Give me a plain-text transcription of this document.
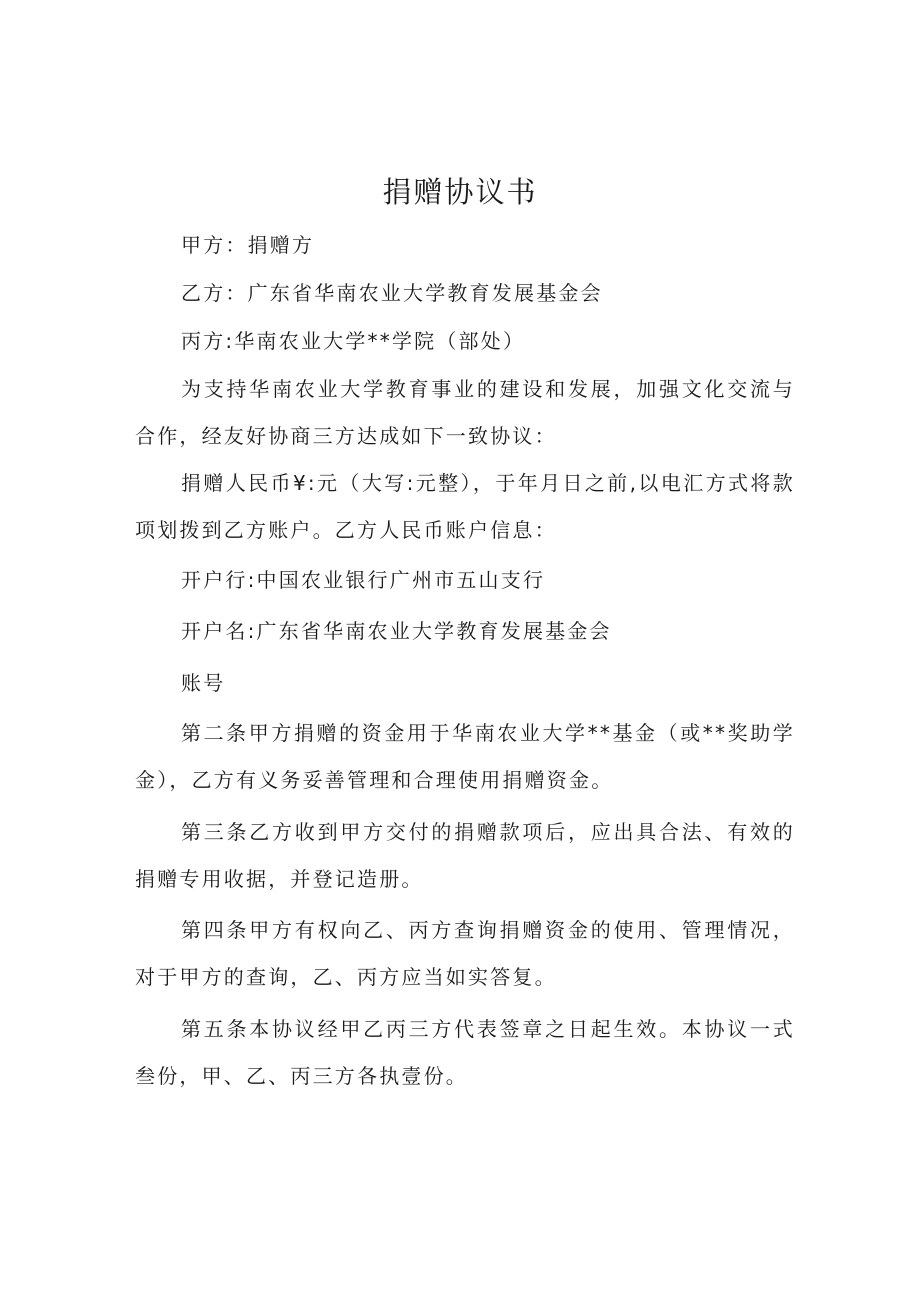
捐赠协议书

甲方：捐赠方

乙方：广东省华南农业大学教育发展基金会

丙方:华南农业大学**学院（部处）

为支持华南农业大学教育事业的建设和发展，加强文化交流与合作，经友好协商三方达成如下一致协议：

捐赠人民币¥:元（大写:元整），于年月日之前,以电汇方式将款项划拨到乙方账户。乙方人民币账户信息：

开户行:中国农业银行广州市五山支行

开户名:广东省华南农业大学教育发展基金会

账号

第二条甲方捐赠的资金用于华南农业大学**基金（或**奖助学金），乙方有义务妥善管理和合理使用捐赠资金。

第三条乙方收到甲方交付的捐赠款项后，应出具合法、有效的捐赠专用收据，并登记造册。

第四条甲方有权向乙、丙方查询捐赠资金的使用、管理情况，对于甲方的查询，乙、丙方应当如实答复。

第五条本协议经甲乙丙三方代表签章之日起生效。本协议一式叁份，甲、乙、丙三方各执壹份。
